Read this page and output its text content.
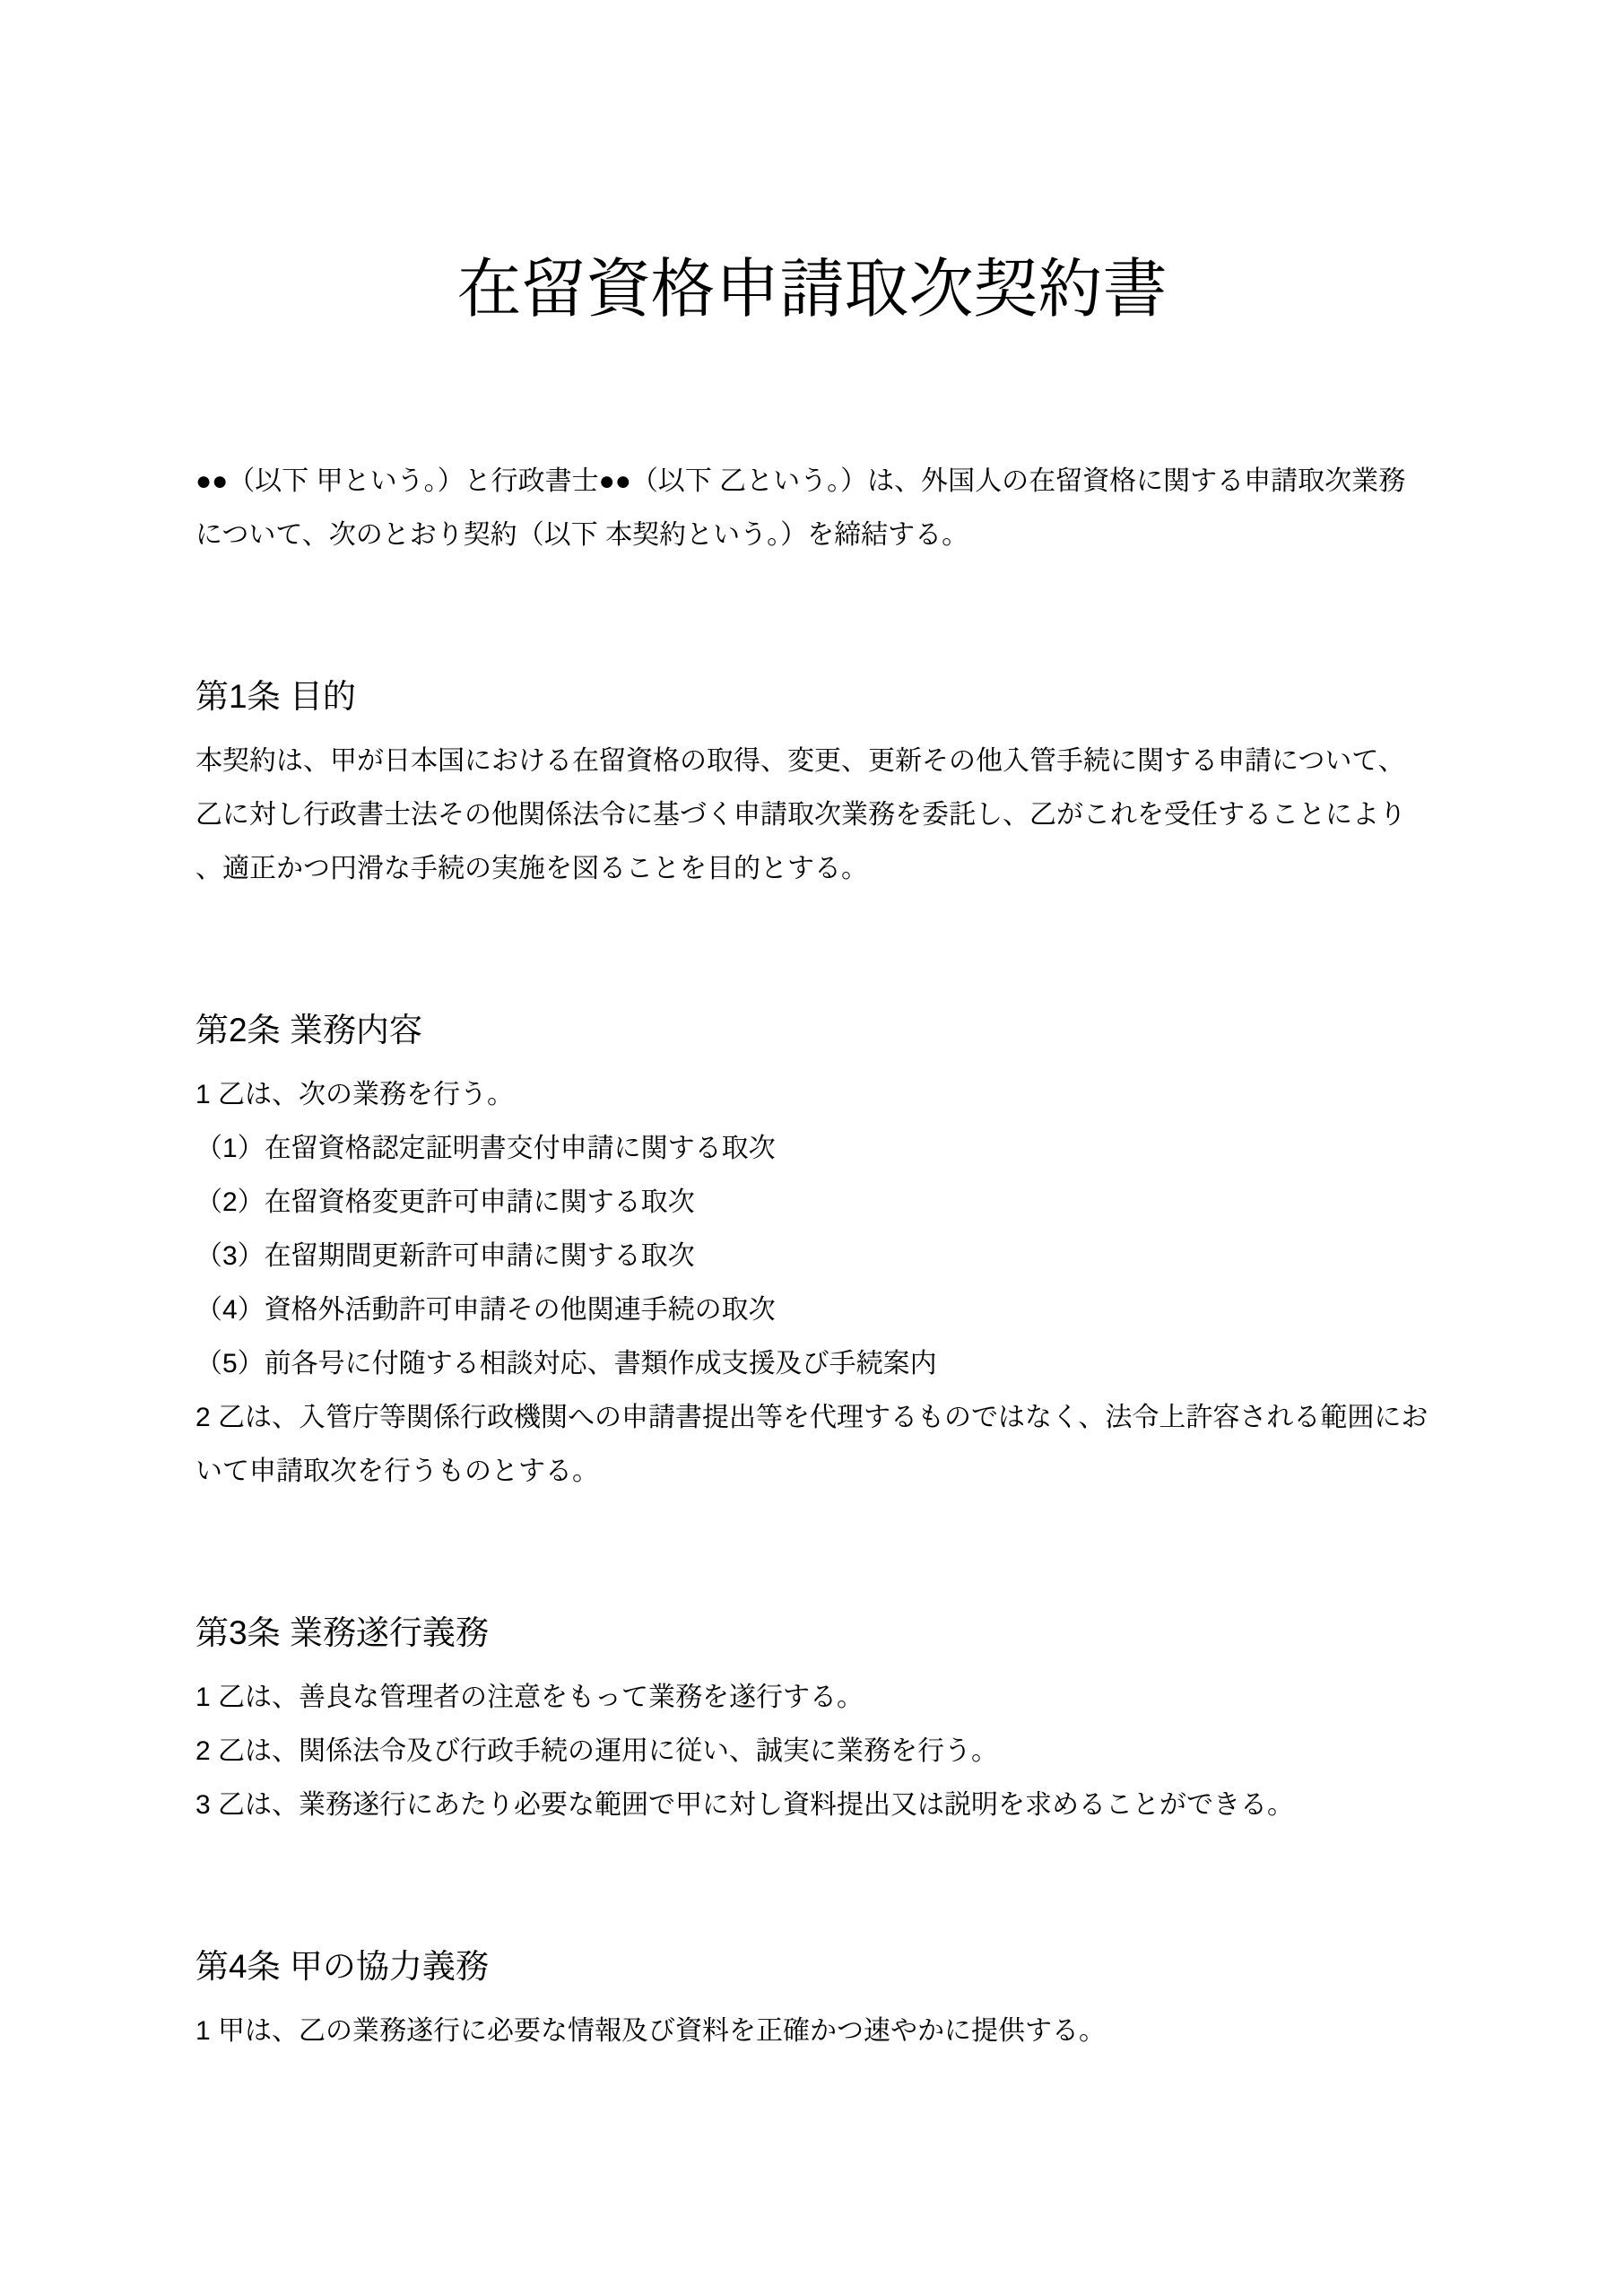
在留資格申請取次契約書

●●（以下 甲という。）と行政書士●●（以下 乙という。）は、外国人の在留資格に関する申請取次業務について、次のとおり契約（以下 本契約という。）を締結する。

第1条 目的

本契約は、甲が日本国における在留資格の取得、変更、更新その他入管手続に関する申請について、乙に対し行政書士法その他関係法令に基づく申請取次業務を委託し、乙がこれを受任することにより、適正かつ円滑な手続の実施を図ることを目的とする。

第2条 業務内容

1 乙は、次の業務を行う。

（1）在留資格認定証明書交付申請に関する取次

（2）在留資格変更許可申請に関する取次

（3）在留期間更新許可申請に関する取次

（4）資格外活動許可申請その他関連手続の取次

（5）前各号に付随する相談対応、書類作成支援及び手続案内

2 乙は、入管庁等関係行政機関への申請書提出等を代理するものではなく、法令上許容される範囲において申請取次を行うものとする。

第3条 業務遂行義務

1 乙は、善良な管理者の注意をもって業務を遂行する。

2 乙は、関係法令及び行政手続の運用に従い、誠実に業務を行う。

3 乙は、業務遂行にあたり必要な範囲で甲に対し資料提出又は説明を求めることができる。

第4条 甲の協力義務

1 甲は、乙の業務遂行に必要な情報及び資料を正確かつ速やかに提供する。
